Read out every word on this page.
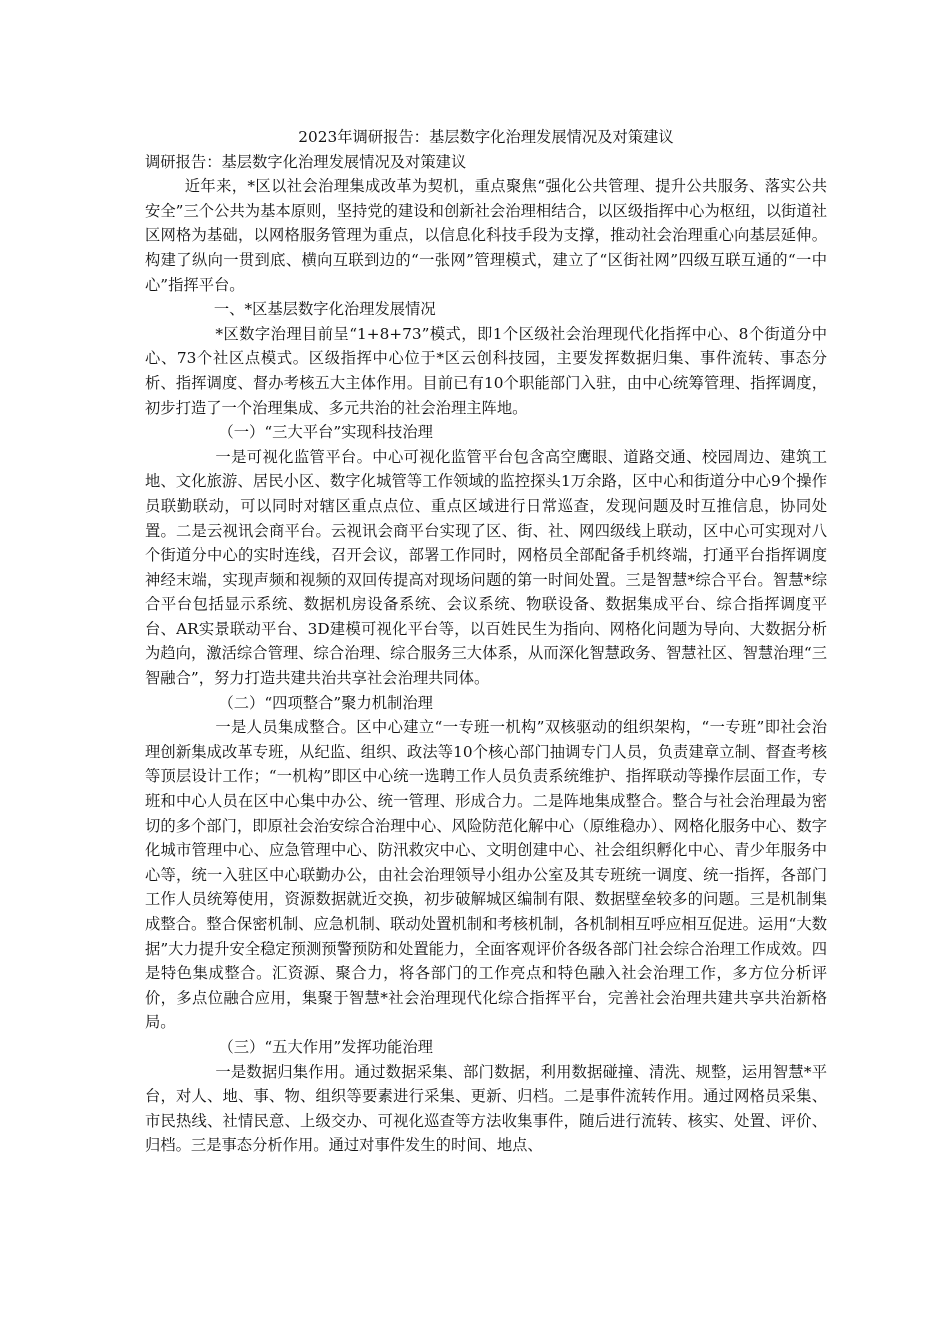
2023年调研报告：基层数字化治理发展情况及对策建议

调研报告：基层数字化治理发展情况及对策建议

近年来，*区以社会治理集成改革为契机，重点聚焦“强化公共管理、提升公共服务、落实公共安全”三个公共为基本原则，坚持党的建设和创新社会治理相结合，以区级指挥中心为枢纽，以街道社区网格为基础，以网格服务管理为重点，以信息化科技手段为支撑，推动社会治理重心向基层延伸。构建了纵向一贯到底、横向互联到边的“一张网”管理模式，建立了“区街社网”四级互联互通的“一中心”指挥平台。

一、*区基层数字化治理发展情况

*区数字治理目前呈“1+8+73”模式，即1个区级社会治理现代化指挥中心、8个街道分中心、73个社区点模式。区级指挥中心位于*区云创科技园，主要发挥数据归集、事件流转、事态分析、指挥调度、督办考核五大主体作用。目前已有10个职能部门入驻，由中心统筹管理、指挥调度，初步打造了一个治理集成、多元共治的社会治理主阵地。

（一）“三大平台”实现科技治理

一是可视化监管平台。中心可视化监管平台包含高空鹰眼、道路交通、校园周边、建筑工地、文化旅游、居民小区、数字化城管等工作领域的监控探头1万余路，区中心和街道分中心9个操作员联勤联动，可以同时对辖区重点点位、重点区域进行日常巡查，发现问题及时互推信息，协同处置。二是云视讯会商平台。云视讯会商平台实现了区、街、社、网四级线上联动，区中心可实现对八个街道分中心的实时连线，召开会议，部署工作同时，网格员全部配备手机终端，打通平台指挥调度神经末端，实现声频和视频的双回传提高对现场问题的第一时间处置。三是智慧*综合平台。智慧*综合平台包括显示系统、数据机房设备系统、会议系统、物联设备、数据集成平台、综合指挥调度平台、AR实景联动平台、3D建模可视化平台等，以百姓民生为指向、网格化问题为导向、大数据分析为趋向，激活综合管理、综合治理、综合服务三大体系，从而深化智慧政务、智慧社区、智慧治理“三智融合”，努力打造共建共治共享社会治理共同体。

（二）“四项整合”聚力机制治理

一是人员集成整合。区中心建立“一专班一机构”双核驱动的组织架构，“一专班”即社会治理创新集成改革专班，从纪监、组织、政法等10个核心部门抽调专门人员，负责建章立制、督查考核等顶层设计工作；“一机构”即区中心统一选聘工作人员负责系统维护、指挥联动等操作层面工作，专班和中心人员在区中心集中办公、统一管理、形成合力。二是阵地集成整合。整合与社会治理最为密切的多个部门，即原社会治安综合治理中心、风险防范化解中心（原维稳办）、网格化服务中心、数字化城市管理中心、应急管理中心、防汛救灾中心、文明创建中心、社会组织孵化中心、青少年服务中心等，统一入驻区中心联勤办公，由社会治理领导小组办公室及其专班统一调度、统一指挥，各部门工作人员统筹使用，资源数据就近交换，初步破解城区编制有限、数据壁垒较多的问题。三是机制集成整合。整合保密机制、应急机制、联动处置机制和考核机制，各机制相互呼应相互促进。运用“大数据”大力提升安全稳定预测预警预防和处置能力，全面客观评价各级各部门社会综合治理工作成效。四是特色集成整合。汇资源、聚合力，将各部门的工作亮点和特色融入社会治理工作，多方位分析评价，多点位融合应用，集聚于智慧*社会治理现代化综合指挥平台，完善社会治理共建共享共治新格局。

（三）“五大作用”发挥功能治理

一是数据归集作用。通过数据采集、部门数据，利用数据碰撞、清洗、规整，运用智慧*平台，对人、地、事、物、组织等要素进行采集、更新、归档。二是事件流转作用。通过网格员采集、市民热线、社情民意、上级交办、可视化巡查等方法收集事件，随后进行流转、核实、处置、评价、归档。三是事态分析作用。通过对事件发生的时间、地点、
